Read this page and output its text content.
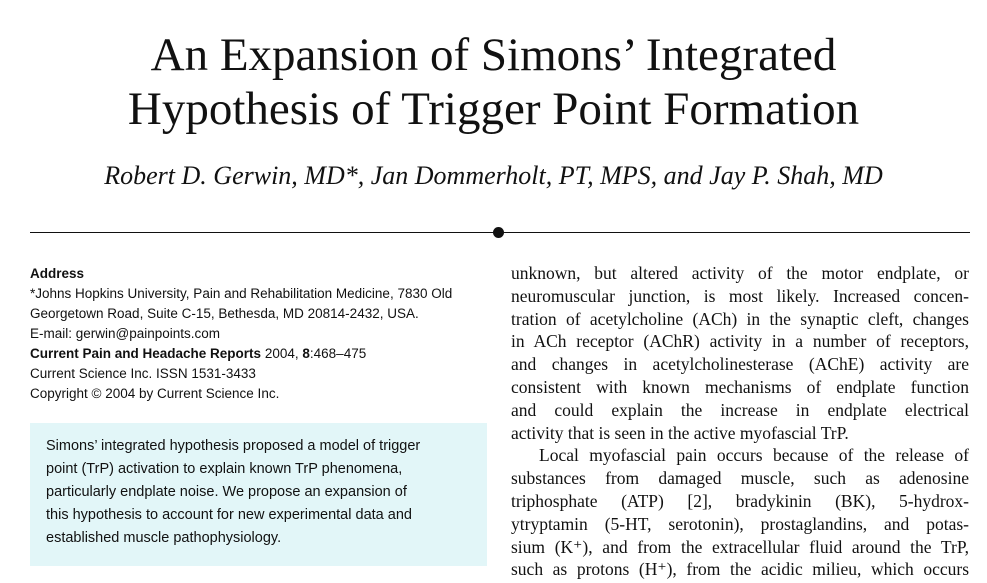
An Expansion of Simons’ Integrated
Hypothesis of Trigger Point Formation
Robert D. Gerwin, MD*, Jan Dommerholt, PT, MPS, and Jay P. Shah, MD
Address
*Johns Hopkins University, Pain and Rehabilitation Medicine, 7830 Old
Georgetown Road, Suite C-15, Bethesda, MD 20814-2432, USA.
E-mail: gerwin@painpoints.com
Current Pain and Headache Reports 2004, 8:468–475
Current Science Inc. ISSN 1531-3433
Copyright © 2004 by Current Science Inc.
Simons’ integrated hypothesis proposed a model of trigger
point (TrP) activation to explain known TrP phenomena,
particularly endplate noise. We propose an expansion of
this hypothesis to account for new experimental data and
established muscle pathophysiology.
unknown, but altered activity of the motor endplate, or
neuromuscular junction, is most likely. Increased concen-
tration of acetylcholine (ACh) in the synaptic cleft, changes
in ACh receptor (AChR) activity in a number of receptors,
and changes in acetylcholinesterase (AChE) activity are
consistent with known mechanisms of endplate function
and could explain the increase in endplate electrical
activity that is seen in the active myofascial TrP.
Local myofascial pain occurs because of the release of
substances from damaged muscle, such as adenosine
triphosphate (ATP) [2], bradykinin (BK), 5-hydrox-
ytryptamin (5-HT, serotonin), prostaglandins, and potas-
sium (K⁺), and from the extracellular fluid around the TrP,
such as protons (H⁺), from the acidic milieu, which occurs
